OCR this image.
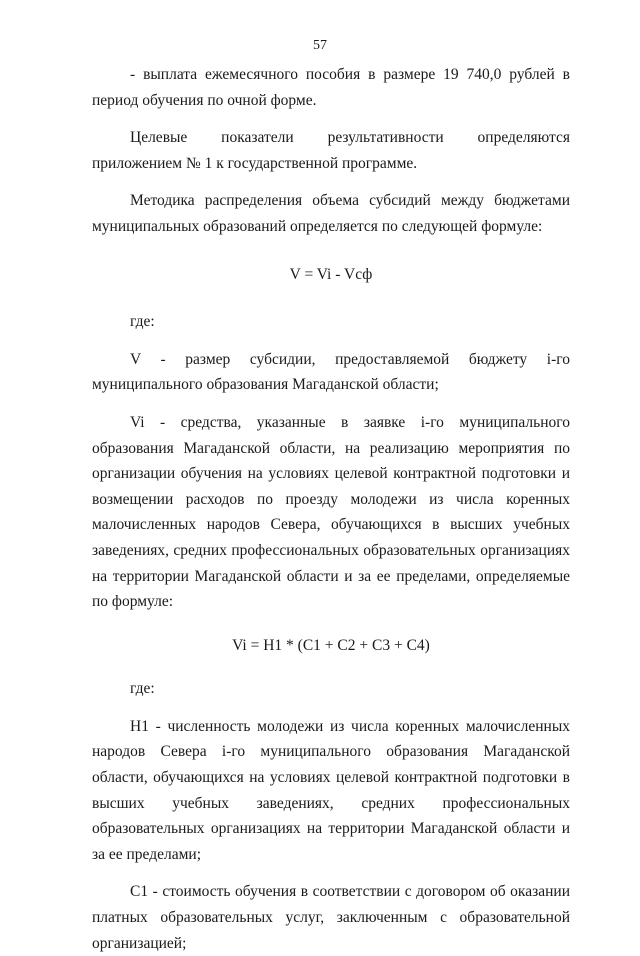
57

- выплата ежемесячного пособия в размере 19 740,0 рублей в период обучения по очной форме.

Целевые показатели результативности определяются приложением № 1 к государственной программе.

Методика распределения объема субсидий между бюджетами муниципальных образований определяется по следующей формуле:

V = Vi - Vсф

где:

V - размер субсидии, предоставляемой бюджету i-го муниципального образования Магаданской области;

Vi - средства, указанные в заявке i-го муниципального образования Магаданской области, на реализацию мероприятия по организации обучения на условиях целевой контрактной подготовки и возмещении расходов по проезду молодежи из числа коренных малочисленных народов Севера, обучающихся в высших учебных заведениях, средних профессиональных образовательных организациях на территории Магаданской области и за ее пределами, определяемые по формуле:

Vi = H1 * (C1 + C2 + C3 + C4)

где:

H1 - численность молодежи из числа коренных малочисленных народов Севера i-го муниципального образования Магаданской области, обучающихся на условиях целевой контрактной подготовки в высших учебных заведениях, средних профессиональных образовательных организациях на территории Магаданской области и за ее пределами;

С1 - стоимость обучения в соответствии с договором об оказании платных образовательных услуг, заключенным с образовательной организацией;
